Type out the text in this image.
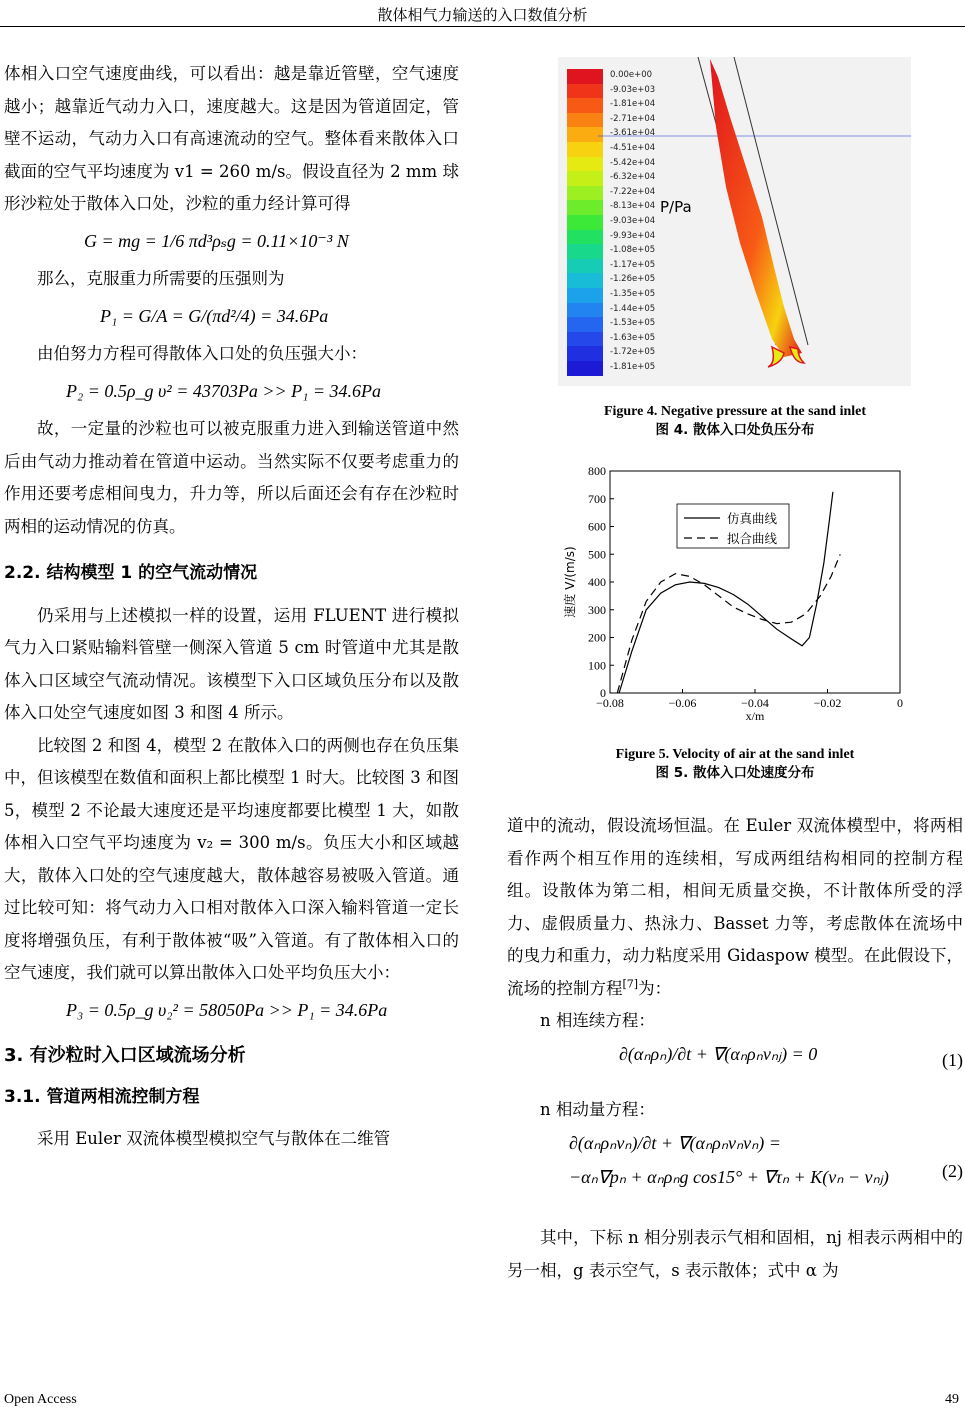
散体相气力输送的入口数值分析

体相入口空气速度曲线，可以看出：越是靠近管壁，空气速度越小；越靠近气动力入口，速度越大。这是因为管道固定，管壁不运动，气动力入口有高速流动的空气。整体看来散体入口截面的空气平均速度为 v1 = 260 m/s。假设直径为 2 mm 球形沙粒处于散体入口处，沙粒的重力经计算可得

G = mg = 1/6 πd³ρₛg = 0.11×10⁻³ N

那么，克服重力所需要的压强则为

P₁ = G/A = G/(πd²/4) = 34.6Pa

由伯努力方程可得散体入口处的负压强大小：

P₂ = 0.5ρ_g υ² = 43703Pa >> P₁ = 34.6Pa

故，一定量的沙粒也可以被克服重力进入到输送管道中然后由气动力推动着在管道中运动。当然实际不仅要考虑重力的作用还要考虑相间曳力，升力等，所以后面还会有存在沙粒时两相的运动情况的仿真。

2.2. 结构模型 1 的空气流动情况

仍采用与上述模拟一样的设置，运用 FLUENT 进行模拟气力入口紧贴输料管壁一侧深入管道 5 cm 时管道中尤其是散体入口区域空气流动情况。该模型下入口区域负压分布以及散体入口处空气速度如图 3 和图 4 所示。

比较图 2 和图 4，模型 2 在散体入口的两侧也存在负压集中，但该模型在数值和面积上都比模型 1 时大。比较图 3 和图 5，模型 2 不论最大速度还是平均速度都要比模型 1 大，如散体相入口空气平均速度为 v₂ = 300 m/s。负压大小和区域越大，散体入口处的空气速度越大，散体越容易被吸入管道。通过比较可知：将气动力入口相对散体入口深入输料管道一定长度将增强负压，有利于散体被“吸”入管道。有了散体相入口的空气速度，我们就可以算出散体入口处平均负压大小：

P₃ = 0.5ρ_g υ₂² = 58050Pa >> P₁ = 34.6Pa
3. 有沙粒时入口区域流场分析
3.1. 管道两相流控制方程

采用 Euler 双流体模型模拟空气与散体在二维管

0.00e+00
-9.03e+03
-1.81e+04
-2.71e+04
-3.61e+04
-4.51e+04
-5.42e+04
-6.32e+04
-7.22e+04
-8.13e+04
-9.03e+04
-9.93e+04
-1.08e+05
-1.17e+05
-1.26e+05
-1.35e+05
-1.44e+05
-1.53e+05
-1.63e+05
-1.72e+05
-1.81e+05
P/Pa
Figure 4. Negative pressure at the sand inlet
图 4. 散体入口处负压分布
−0.08	−0.06	−0.04	−0.02	0
0
100
200
300
400
500
600
700
800
x/m
速度 V/(m/s)
仿真曲线
拟合曲线
Figure 5. Velocity of air at the sand inlet
图 5. 散体入口处速度分布

道中的流动，假设流场恒温。在 Euler 双流体模型中，将两相看作两个相互作用的连续相，写成两组结构相同的控制方程组。设散体为第二相，相间无质量交换，不计散体所受的浮力、虚假质量力、热泳力、Basset 力等，考虑散体在流场中的曳力和重力，动力粘度采用 Gidaspow 模型。在此假设下，流场的控制方程[7]为：

n 相连续方程：

∂(αₙρₙ)/∂t + ∇(αₙρₙvₙⱼ) = 0	(1)

n 相动量方程：

∂(αₙρₙvₙ)/∂t + ∇(αₙρₙvₙvₙ) =
−αₙ∇pₙ + αₙρₙg cos15° + ∇τₙ + K(vₙ − vₙⱼ)	(2)

其中，下标 n 相分别表示气相和固相，nj 相表示两相中的另一相，g 表示空气，s 表示散体；式中 α 为

Open Access	49
